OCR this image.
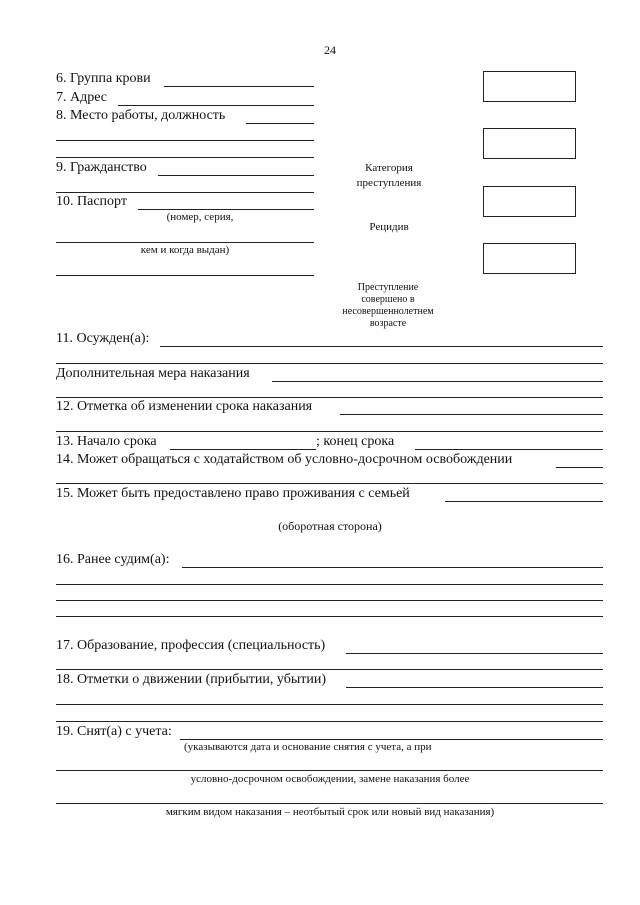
24
6. Группа крови
7. Адрес
8. Место работы, должность
9. Гражданство
10. Паспорт
(номер, серия,
кем и когда выдан)
Категория
преступления
Рецидив
Преступление
совершено в
несовершеннолетнем
возрасте
11. Осужден(а):
Дополнительная мера наказания
12. Отметка об изменении срока наказания
13. Начало срока	; конец срока
14. Может обращаться с ходатайством об условно-досрочном освобождении
15. Может быть предоставлено право проживания с семьей
(оборотная сторона)
16. Ранее судим(а):
17. Образование, профессия (специальность)
18. Отметки о движении (прибытии, убытии)
19. Снят(а) с учета:
(указываются дата и основание снятия с учета, а при
условно-досрочном освобождении, замене наказания более
мягким видом наказания – неотбытый срок или новый вид наказания)
